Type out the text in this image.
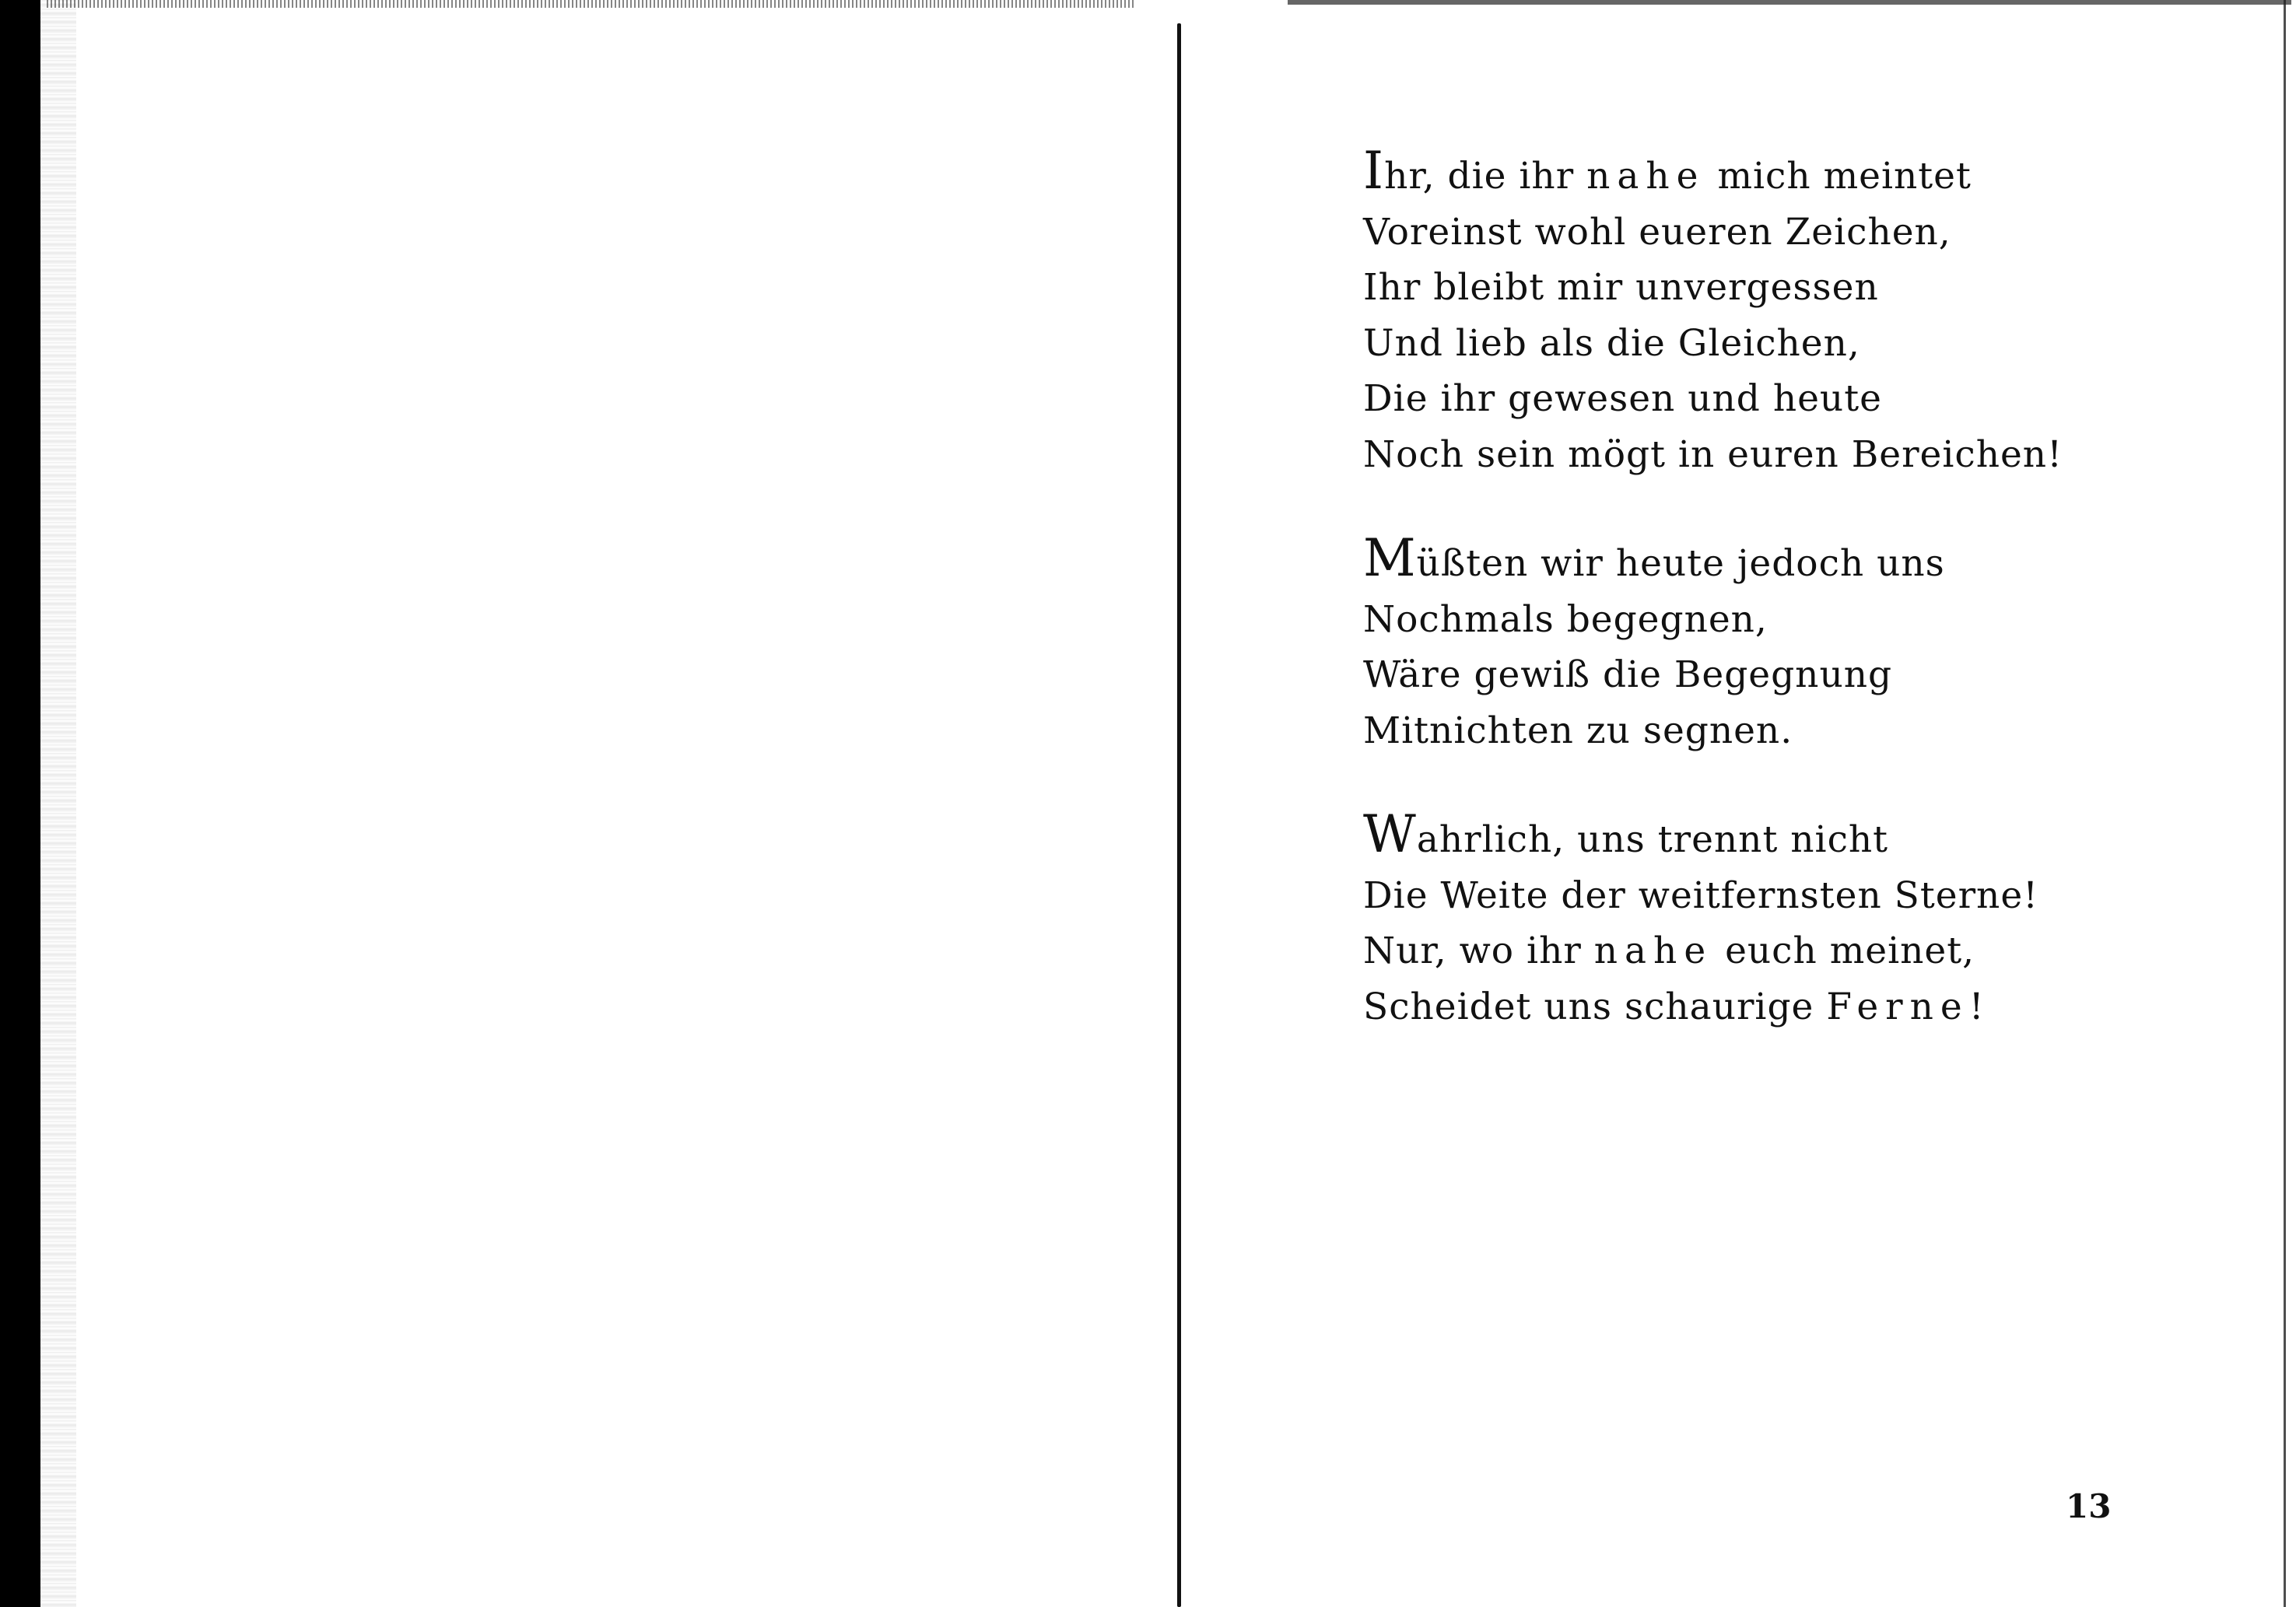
Ihr, die ihr nahe mich meintet
Voreinst wohl eueren Zeichen,
Ihr bleibt mir unvergessen
Und lieb als die Gleichen,
Die ihr gewesen und heute
Noch sein mögt in euren Bereichen!
Müßten wir heute jedoch uns
Nochmals begegnen,
Wäre gewiß die Begegnung
Mitnichten zu segnen.
Wahrlich, uns trennt nicht
Die Weite der weitfernsten Sterne!
Nur, wo ihr nahe euch meinet,
Scheidet uns schaurige Ferne!
13
